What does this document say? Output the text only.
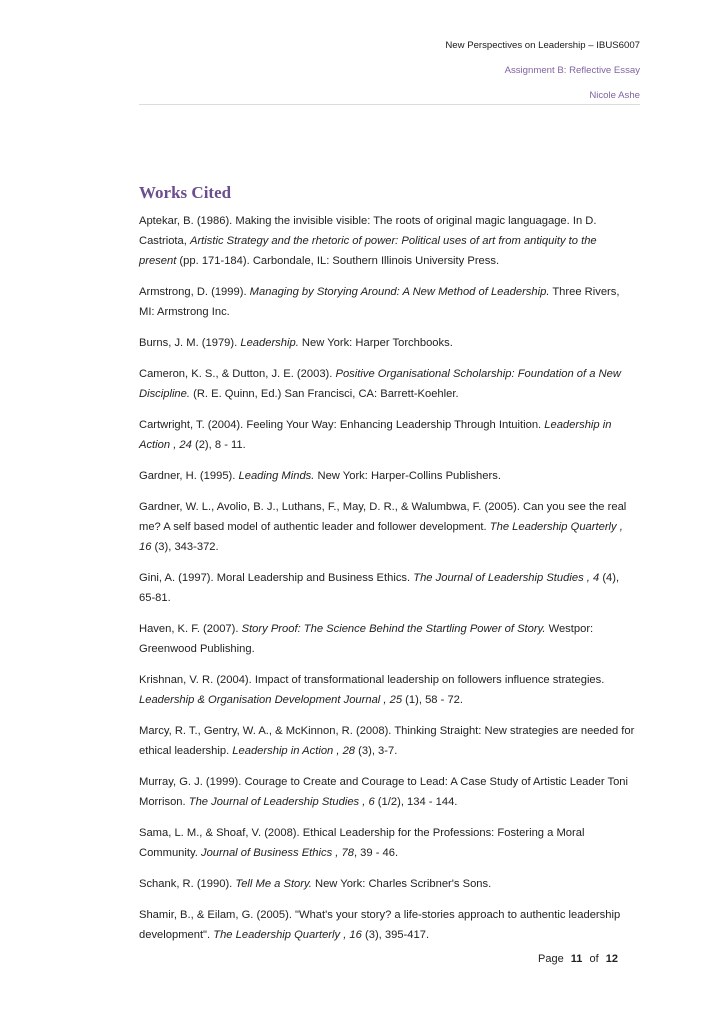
New Perspectives on Leadership – IBUS6007
Assignment B: Reflective Essay
Nicole Ashe
Works Cited

Aptekar, B. (1986). Making the invisible visible: The roots of original magic languagage. In D. Castriota, Artistic Strategy and the rhetoric of power: Political uses of art from antiquity to the present (pp. 171-184). Carbondale, IL: Southern Illinois University Press.

Armstrong, D. (1999). Managing by Storying Around: A New Method of Leadership. Three Rivers, MI: Armstrong Inc.

Burns, J. M. (1979). Leadership. New York: Harper Torchbooks.

Cameron, K. S., & Dutton, J. E. (2003). Positive Organisational Scholarship: Foundation of a New Discipline. (R. E. Quinn, Ed.) San Francisci, CA: Barrett-Koehler.

Cartwright, T. (2004). Feeling Your Way: Enhancing Leadership Through Intuition. Leadership in Action , 24 (2), 8 - 11.

Gardner, H. (1995). Leading Minds. New York: Harper-Collins Publishers.

Gardner, W. L., Avolio, B. J., Luthans, F., May, D. R., & Walumbwa, F. (2005). Can you see the real me? A self based model of authentic leader and follower development. The Leadership Quarterly , 16 (3), 343-372.

Gini, A. (1997). Moral Leadership and Business Ethics. The Journal of Leadership Studies , 4 (4), 65-81.

Haven, K. F. (2007). Story Proof: The Science Behind the Startling Power of Story. Westpor: Greenwood Publishing.

Krishnan, V. R. (2004). Impact of transformational leadership on followers influence strategies. Leadership & Organisation Development Journal , 25 (1), 58 - 72.

Marcy, R. T., Gentry, W. A., & McKinnon, R. (2008). Thinking Straight: New strategies are needed for ethical leadership. Leadership in Action , 28 (3), 3-7.

Murray, G. J. (1999). Courage to Create and Courage to Lead: A Case Study of Artistic Leader Toni Morrison. The Journal of Leadership Studies , 6 (1/2), 134 - 144.

Sama, L. M., & Shoaf, V. (2008). Ethical Leadership for the Professions: Fostering a Moral Community. Journal of Business Ethics , 78, 39 - 46.

Schank, R. (1990). Tell Me a Story. New York: Charles Scribner's Sons.

Shamir, B., & Eilam, G. (2005). "What's your story? a life-stories approach to authentic leadership development". The Leadership Quarterly , 16 (3), 395-417.

Page 11 of 12
